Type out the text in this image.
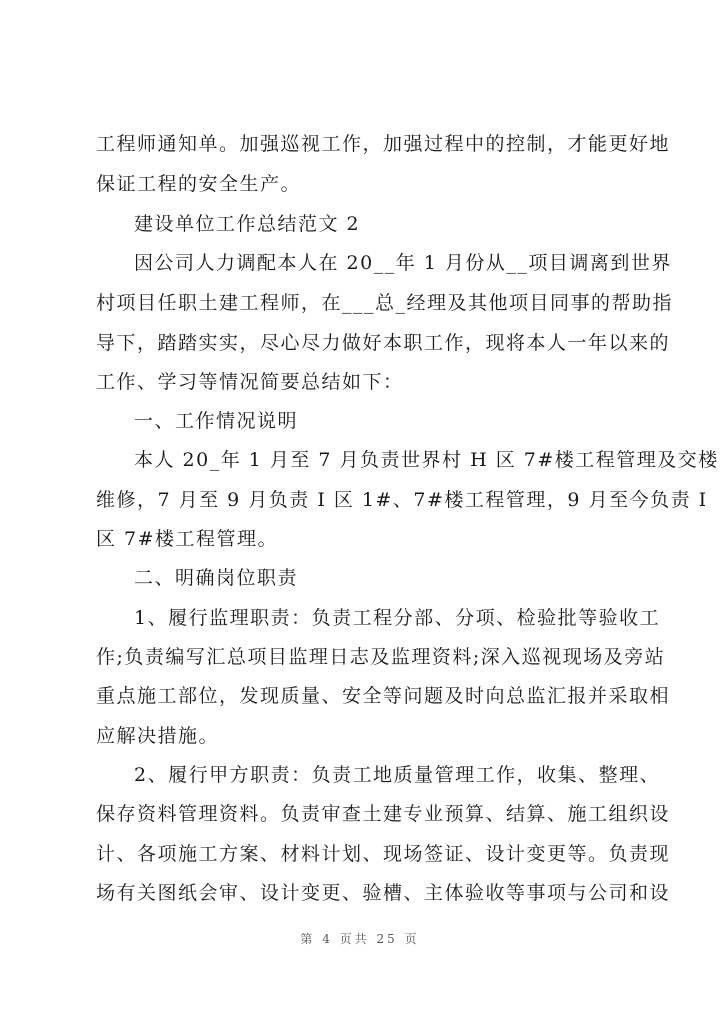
工程师通知单。加强巡视工作，加强过程中的控制，才能更好地
保证工程的安全生产。
建设单位工作总结范文 2
因公司人力调配本人在 20__年 1 月份从__项目调离到世界
村项目任职土建工程师，在___总_经理及其他项目同事的帮助指
导下，踏踏实实，尽心尽力做好本职工作，现将本人一年以来的
工作、学习等情况简要总结如下：
一、工作情况说明
本人 20_年 1 月至 7 月负责世界村 H 区 7#楼工程管理及交楼
维修，7 月至 9 月负责 I 区 1#、7#楼工程管理，9 月至今负责 I
区 7#楼工程管理。
二、明确岗位职责
1、履行监理职责：负责工程分部、分项、检验批等验收工
作;负责编写汇总项目监理日志及监理资料;深入巡视现场及旁站
重点施工部位，发现质量、安全等问题及时向总监汇报并采取相
应解决措施。
2、履行甲方职责：负责工地质量管理工作，收集、整理、
保存资料管理资料。负责审查土建专业预算、结算、施工组织设
计、各项施工方案、材料计划、现场签证、设计变更等。负责现
场有关图纸会审、设计变更、验槽、主体验收等事项与公司和设
第 4 页共 25 页
